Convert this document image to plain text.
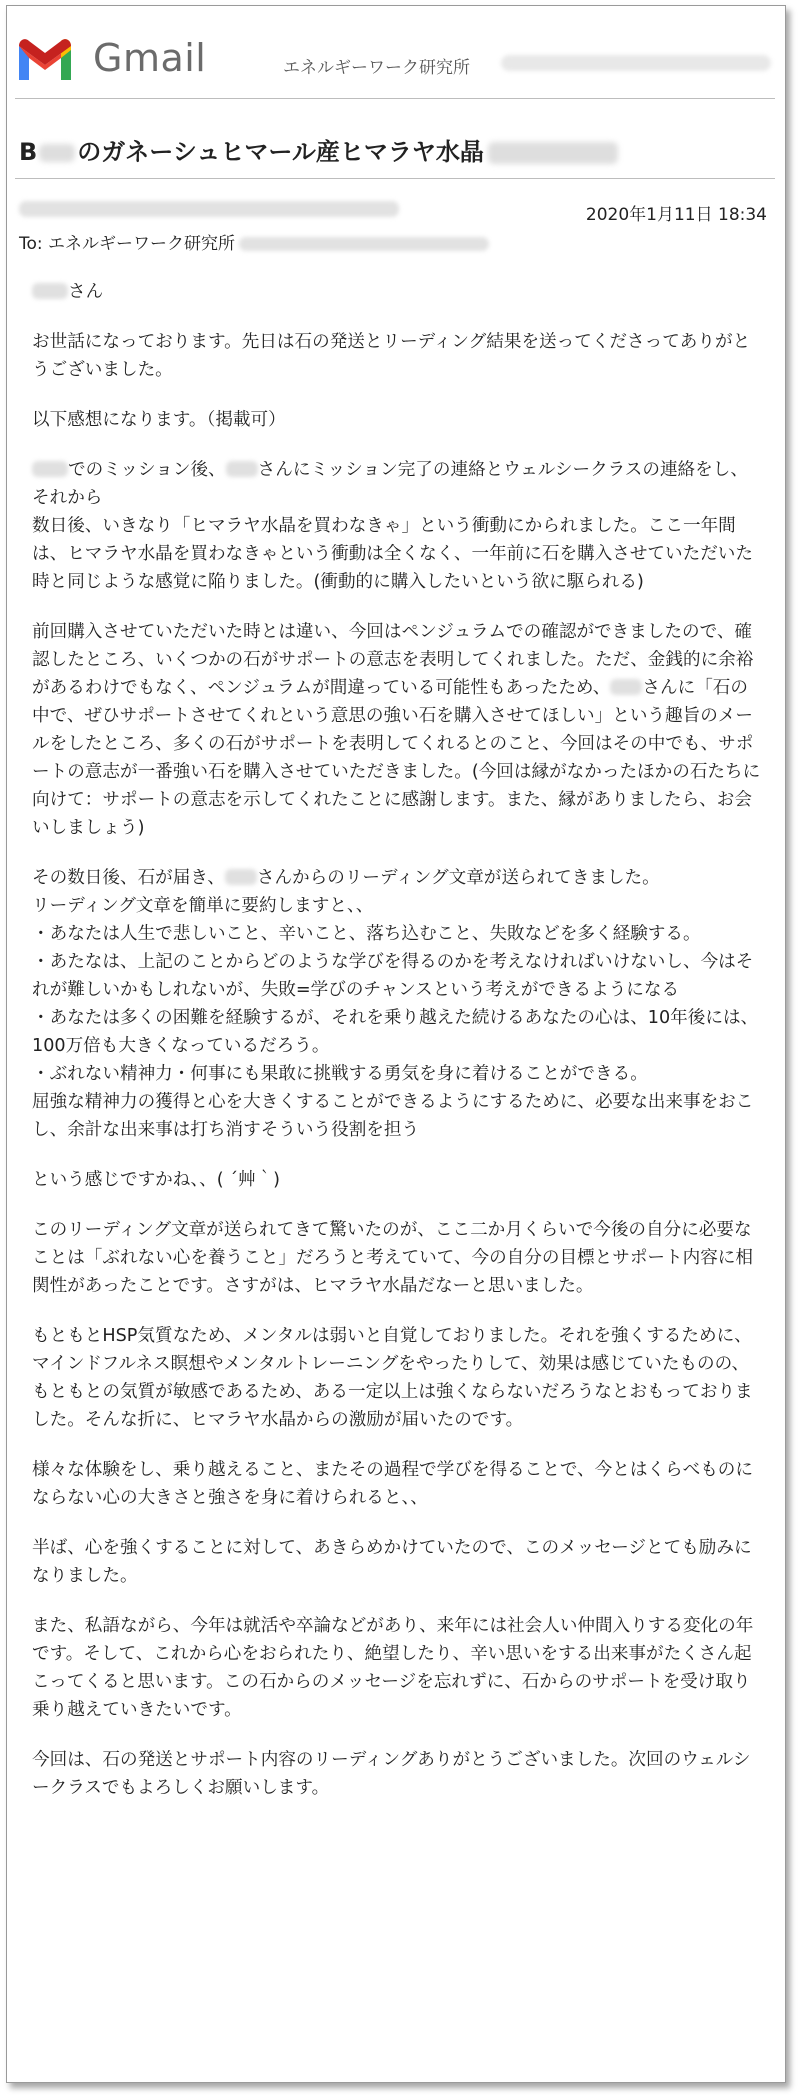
Gmail	エネルギーワーク研究所
B のガネーシュヒマール産ヒマラヤ水晶
2020年1月11日 18:34
To: エネルギーワーク研究所

さん

お世話になっております。先日は石の発送とリーディング結果を送ってくださってありがとうございました。

以下感想になります。（掲載可）

でのミッション後、 さんにミッション完了の連絡とウェルシークラスの連絡をし、それから
数日後、いきなり「ヒマラヤ水晶を買わなきゃ」という衝動にかられました。ここ一年間は、ヒマラヤ水晶を買わなきゃという衝動は全くなく、一年前に石を購入させていただいた時と同じような感覚に陥りました。(衝動的に購入したいという欲に駆られる)

前回購入させていただいた時とは違い、今回はペンジュラムでの確認ができましたので、確認したところ、いくつかの石がサポートの意志を表明してくれました。ただ、金銭的に余裕があるわけでもなく、ペンジュラムが間違っている可能性もあったため、 さんに「石の中で、ぜひサポートさせてくれという意思の強い石を購入させてほしい」という趣旨のメールをしたところ、多くの石がサポートを表明してくれるとのこと、今回はその中でも、サポートの意志が一番強い石を購入させていただきました。(今回は縁がなかったほかの石たちに向けて：サポートの意志を示してくれたことに感謝します。また、縁がありましたら、お会いしましょう)

その数日後、石が届き、 さんからのリーディング文章が送られてきました。
リーディング文章を簡単に要約しますと、、
・あなたは人生で悲しいこと、辛いこと、落ち込むこと、失敗などを多く経験する。
・あたなは、上記のことからどのような学びを得るのかを考えなければいけないし、今はそれが難しいかもしれないが、失敗=学びのチャンスという考えができるようになる
・あなたは多くの困難を経験するが、それを乗り越えた続けるあなたの心は、10年後には、100万倍も大きくなっているだろう。
・ぶれない精神力・何事にも果敢に挑戦する勇気を身に着けることができる。
屈強な精神力の獲得と心を大きくすることができるようにするために、必要な出来事をおこし、余計な出来事は打ち消すそういう役割を担う

という感じですかね、、( ´艸｀)

このリーディング文章が送られてきて驚いたのが、ここ二か月くらいで今後の自分に必要なことは「ぶれない心を養うこと」だろうと考えていて、今の自分の目標とサポート内容に相関性があったことです。さすがは、ヒマラヤ水晶だなーと思いました。

もともとHSP気質なため、メンタルは弱いと自覚しておりました。それを強くするために、マインドフルネス瞑想やメンタルトレーニングをやったりして、効果は感じていたものの、もともとの気質が敏感であるため、ある一定以上は強くならないだろうなとおもっておりました。そんな折に、ヒマラヤ水晶からの激励が届いたのです。

様々な体験をし、乗り越えること、またその過程で学びを得ることで、今とはくらべものにならない心の大きさと強さを身に着けられると、、

半ば、心を強くすることに対して、あきらめかけていたので、このメッセージとても励みになりました。

また、私語ながら、今年は就活や卒論などがあり、来年には社会人い仲間入りする変化の年です。そして、これから心をおられたり、絶望したり、辛い思いをする出来事がたくさん起こってくると思います。この石からのメッセージを忘れずに、石からのサポートを受け取り乗り越えていきたいです。

今回は、石の発送とサポート内容のリーディングありがとうございました。次回のウェルシークラスでもよろしくお願いします。
